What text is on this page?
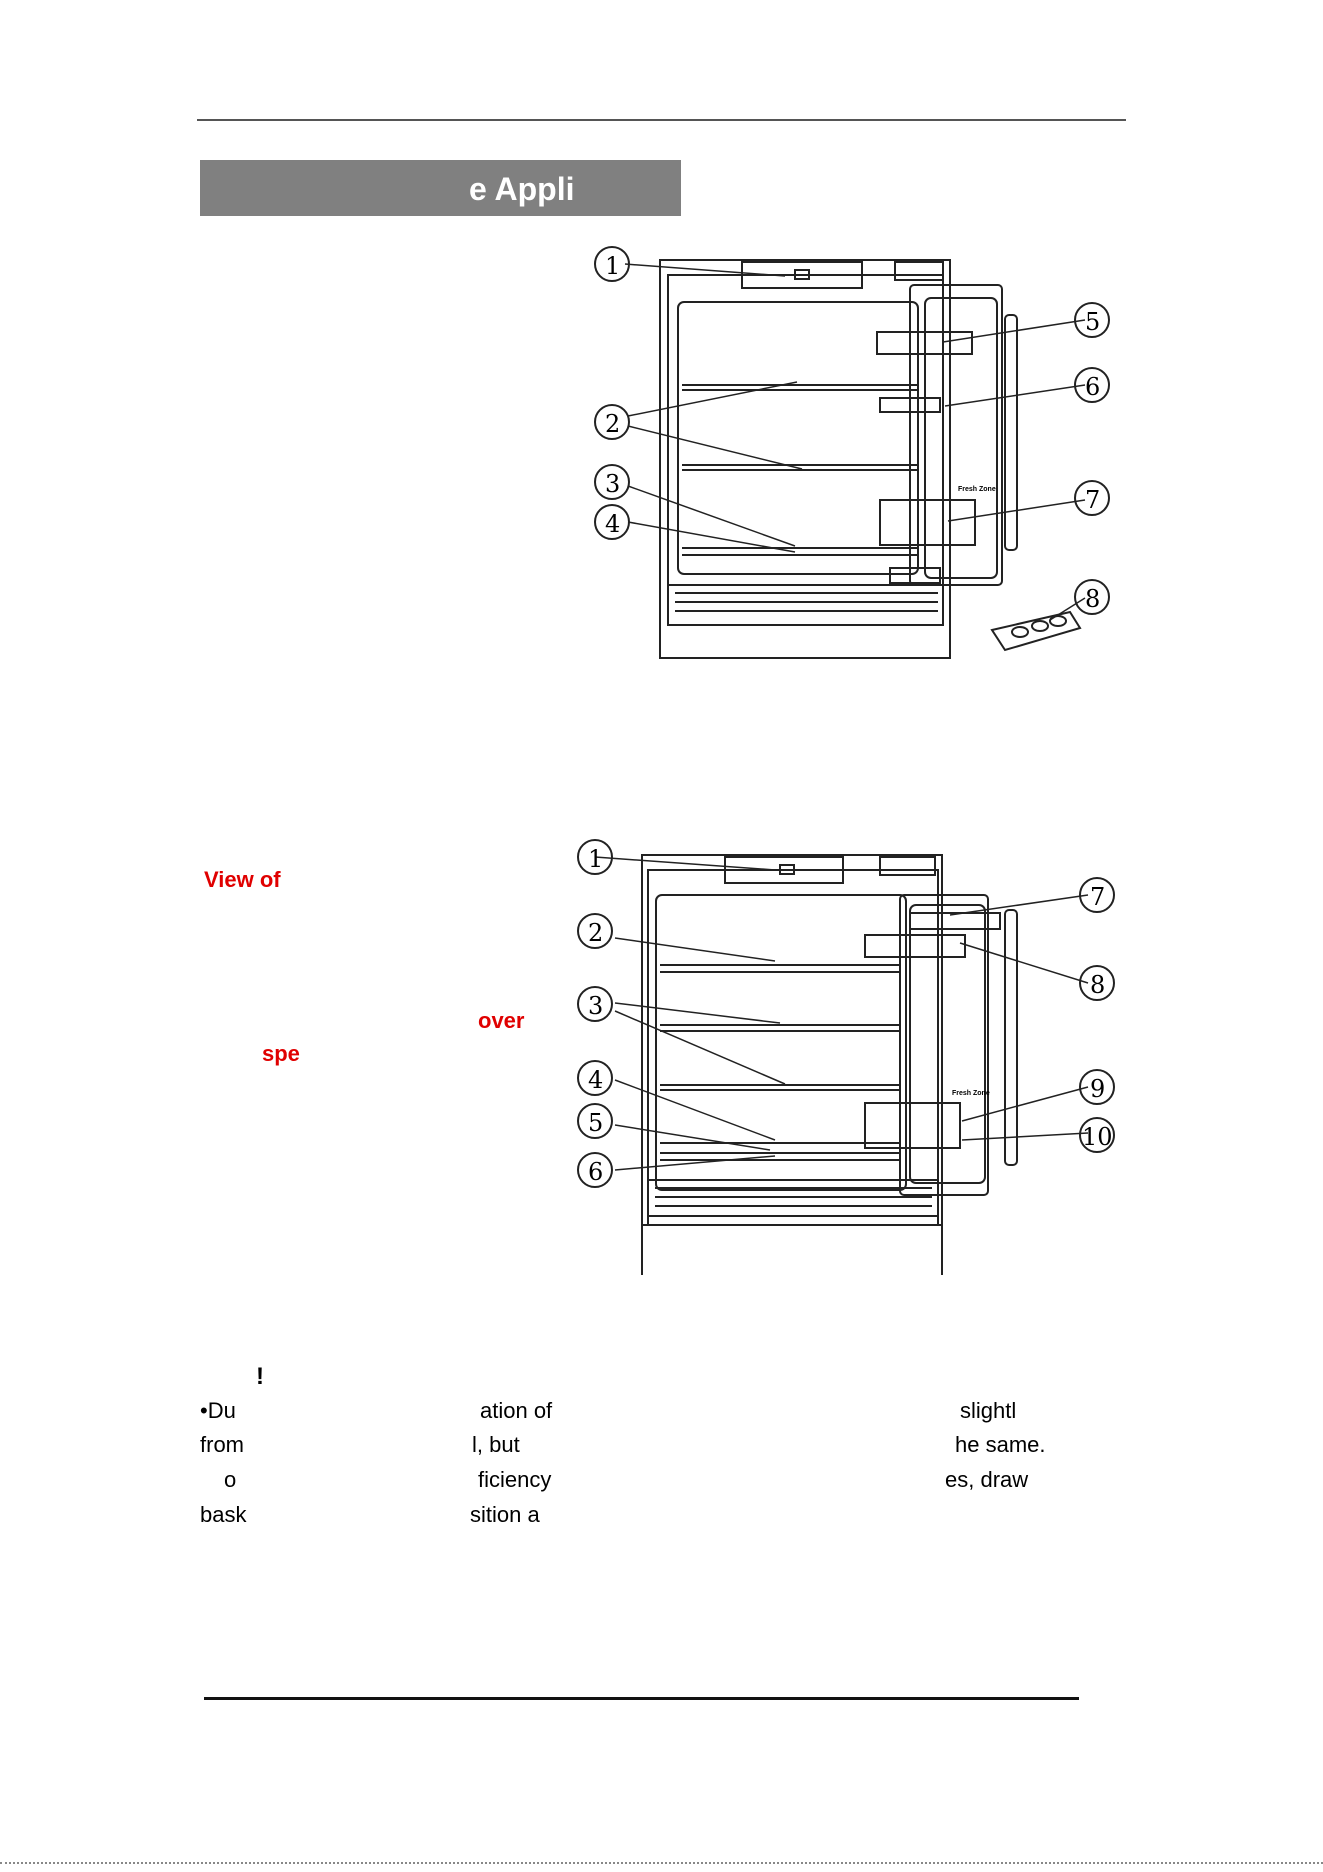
e Appli
1
2
3
4
5
6
7
8
Fresh Zone
1
2
3
4
5
6
7
8
9
10
Fresh Zone
View of
over
spe
!
•Du	ation of	slightl
from	l, but	he same.
o	ficiency	es, draw
bask	sition a
